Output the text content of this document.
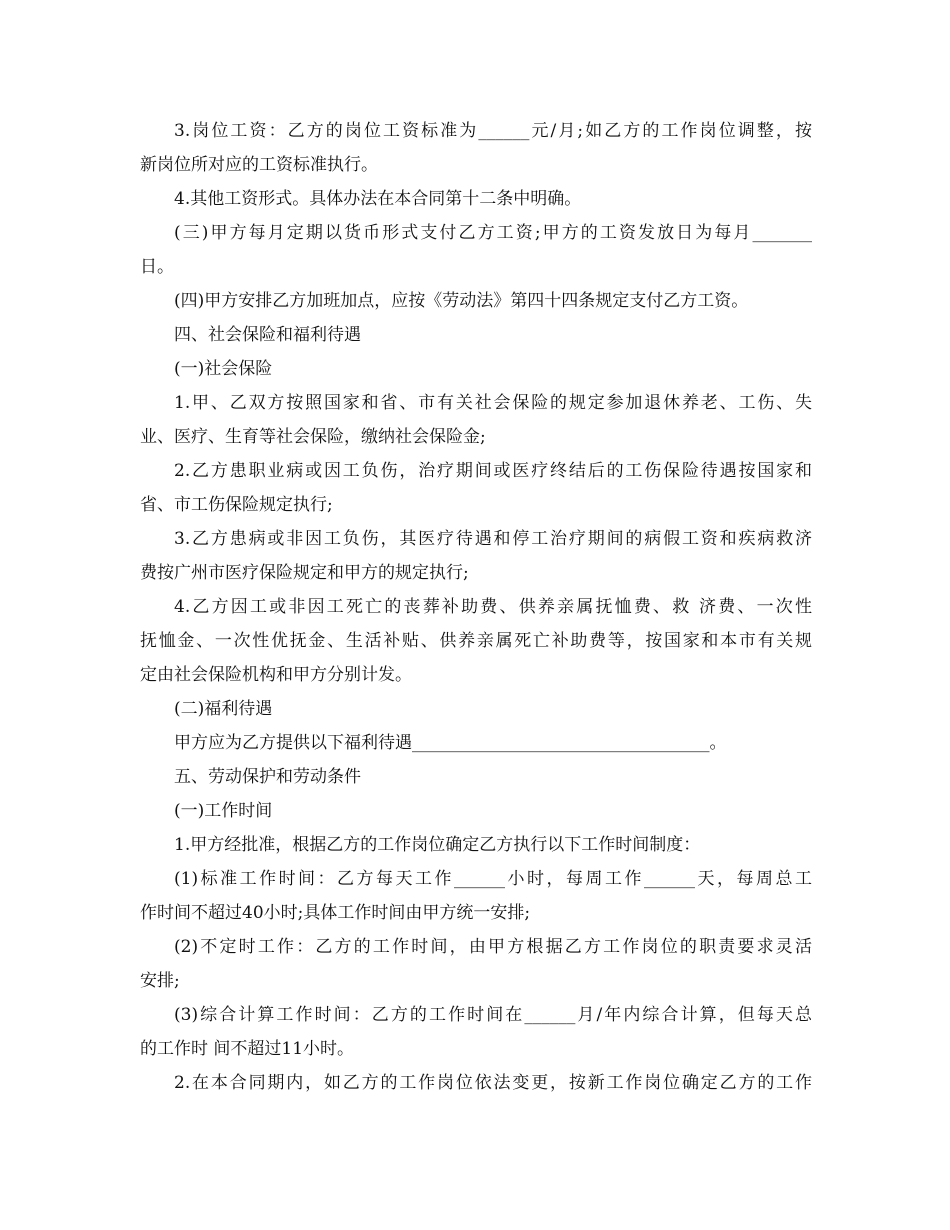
3.岗位工资：乙方的岗位工资标准为______元/月;如乙方的工作岗位调整，按
新岗位所对应的工资标准执行。
4.其他工资形式。具体办法在本合同第十二条中明确。
(三)甲方每月定期以货币形式支付乙方工资;甲方的工资发放日为每月_______
日。
(四)甲方安排乙方加班加点，应按《劳动法》第四十四条规定支付乙方工资。
四、社会保险和福利待遇
(一)社会保险
1.甲、乙双方按照国家和省、市有关社会保险的规定参加退休养老、工伤、失
业、医疗、生育等社会保险，缴纳社会保险金;
2.乙方患职业病或因工负伤，治疗期间或医疗终结后的工伤保险待遇按国家和
省、市工伤保险规定执行;
3.乙方患病或非因工负伤，其医疗待遇和停工治疗期间的病假工资和疾病救济
费按广州市医疗保险规定和甲方的规定执行;
4.乙方因工或非因工死亡的丧葬补助费、供养亲属抚恤费、救 济费、一次性
抚恤金、一次性优抚金、生活补贴、供养亲属死亡补助费等，按国家和本市有关规
定由社会保险机构和甲方分别计发。
(二)福利待遇
甲方应为乙方提供以下福利待遇___________________________________。
五、劳动保护和劳动条件
(一)工作时间
1.甲方经批准，根据乙方的工作岗位确定乙方执行以下工作时间制度：
(1)标准工作时间：乙方每天工作______小时，每周工作______天，每周总工
作时间不超过40小时;具体工作时间由甲方统一安排;
(2)不定时工作：乙方的工作时间，由甲方根据乙方工作岗位的职责要求灵活
安排;
(3)综合计算工作时间：乙方的工作时间在______月/年内综合计算，但每天总
的工作时 间不超过11小时。
2.在本合同期内，如乙方的工作岗位依法变更，按新工作岗位确定乙方的工作
